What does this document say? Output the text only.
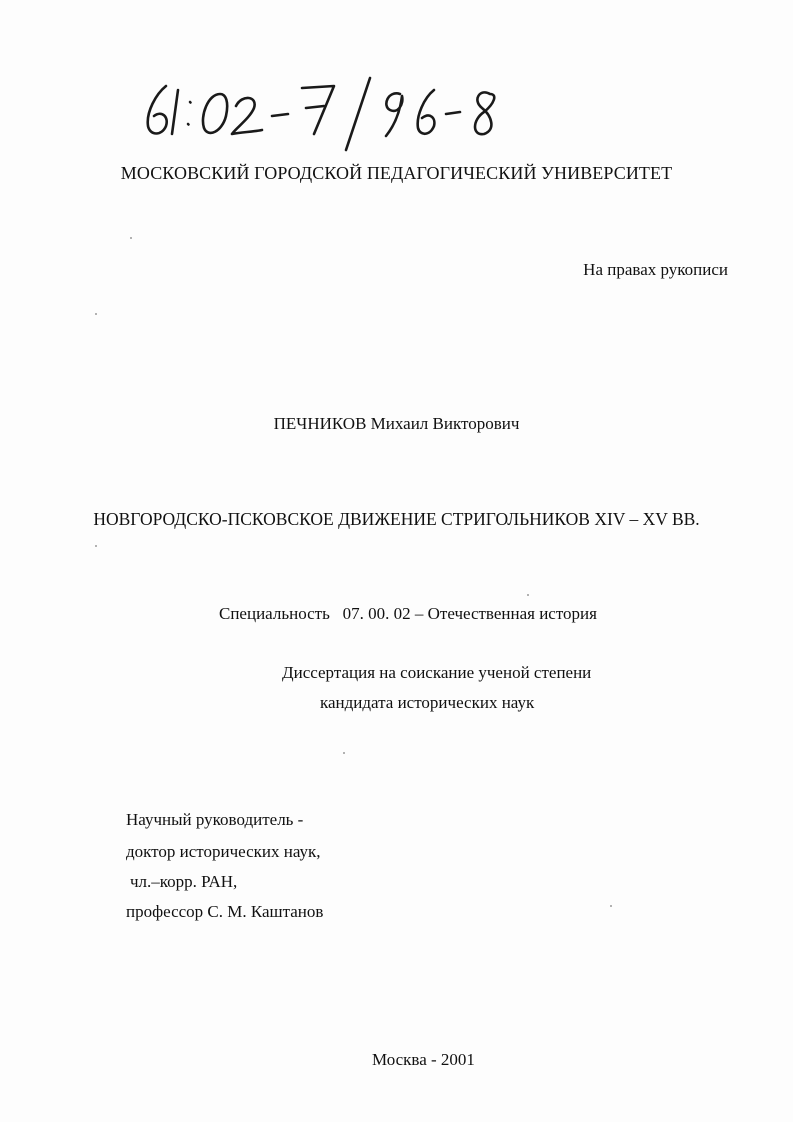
МОСКОВСКИЙ ГОРОДСКОЙ ПЕДАГОГИЧЕСКИЙ УНИВЕРСИТЕТ
На правах рукописи
ПЕЧНИКОВ Михаил Викторович
НОВГОРОДСКО-ПСКОВСКОЕ ДВИЖЕНИЕ СТРИГОЛЬНИКОВ XIV – XV ВВ.
Специальность 07. 00. 02 – Отечественная история
Диссертация на соискание ученой степени
кандидата исторических наук
Научный руководитель -
доктор исторических наук,
чл.–корр. РАН,
профессор С. М. Каштанов
Москва - 2001
